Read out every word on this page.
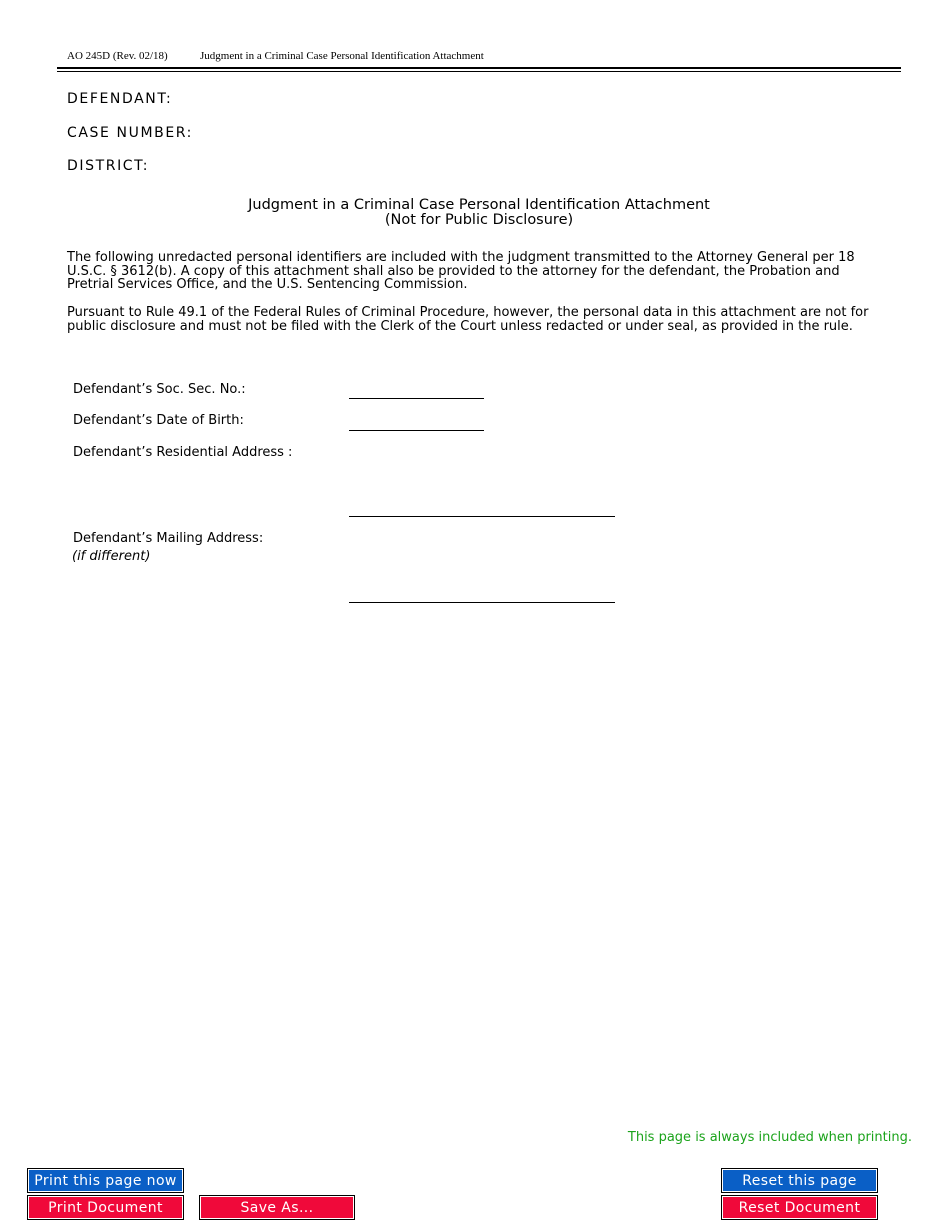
AO 245D (Rev. 02/18)	Judgment in a Criminal Case Personal Identification Attachment
DEFENDANT:
CASE NUMBER:
DISTRICT:
Judgment in a Criminal Case Personal Identification Attachment
(Not for Public Disclosure)
The following unredacted personal identifiers are included with the judgment transmitted to the Attorney General per 18 U.S.C. § 3612(b). A copy of this attachment shall also be provided to the attorney for the defendant, the Probation and Pretrial Services Office, and the U.S. Sentencing Commission.
Pursuant to Rule 49.1 of the Federal Rules of Criminal Procedure, however, the personal data in this attachment are not for public disclosure and must not be filed with the Clerk of the Court unless redacted or under seal, as provided in the rule.
Defendant’s Soc. Sec. No.:
Defendant’s Date of Birth:
Defendant’s Residential Address :
Defendant’s Mailing Address:
(if different)
This page is always included when printing.
Print this page now
Print Document	Save As...
Reset this page
Reset Document
